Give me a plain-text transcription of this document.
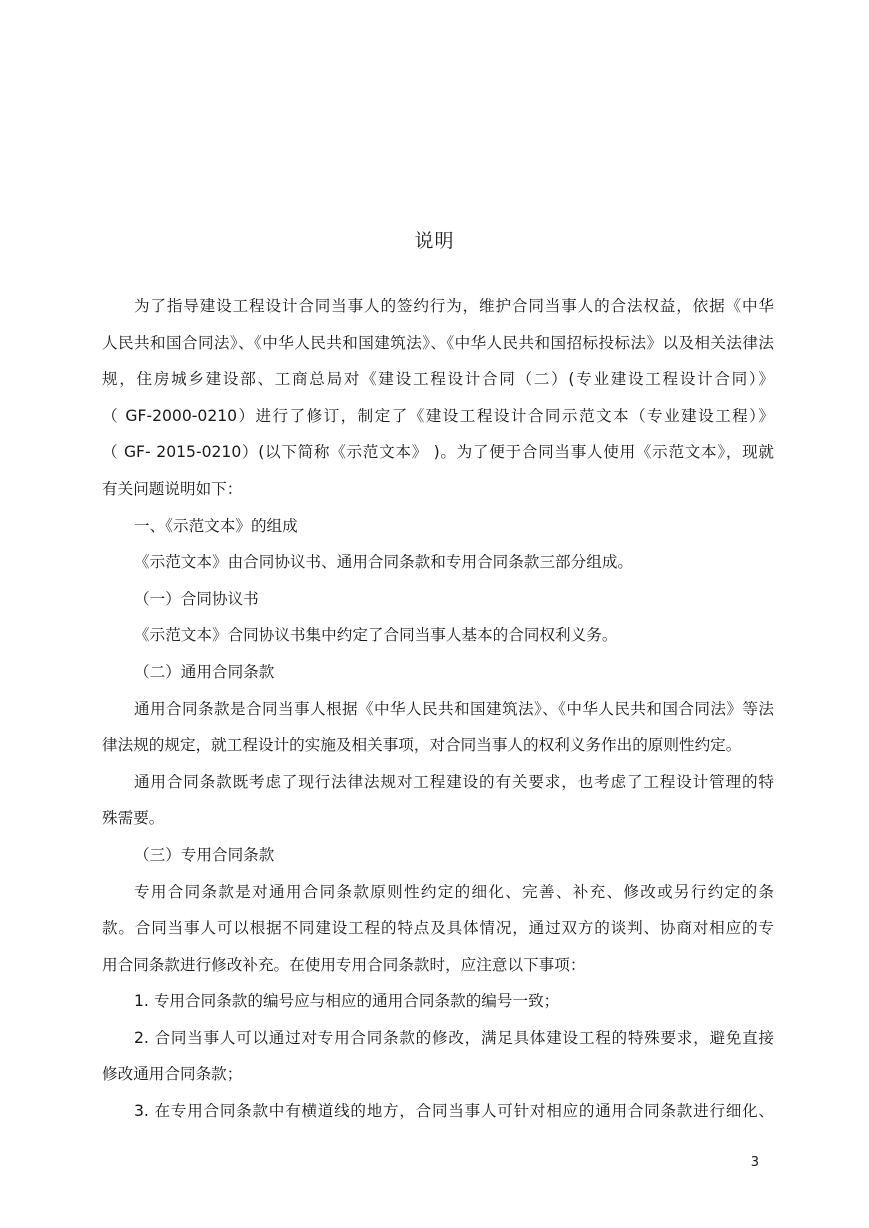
说明
为了指导建设工程设计合同当事人的签约行为，维护合同当事人的合法权益，依据《中华
人民共和国合同法》、《中华人民共和国建筑法》、《中华人民共和国招标投标法》以及相关法律法
规，住房城乡建设部、工商总局对《建设工程设计合同（二）(专业建设工程设计合同）》
（ GF-2000-0210）进行了修订，制定了《建设工程设计合同示范文本（专业建设工程）》
（ GF- 2015-0210）(以下简称《示范文本》 )。为了便于合同当事人使用《示范文本》，现就
有关问题说明如下：
一、《示范文本》的组成
《示范文本》由合同协议书、通用合同条款和专用合同条款三部分组成。
（一）合同协议书
《示范文本》合同协议书集中约定了合同当事人基本的合同权利义务。
（二）通用合同条款
通用合同条款是合同当事人根据《中华人民共和国建筑法》、《中华人民共和国合同法》等法
律法规的规定，就工程设计的实施及相关事项，对合同当事人的权利义务作出的原则性约定。
通用合同条款既考虑了现行法律法规对工程建设的有关要求，也考虑了工程设计管理的特
殊需要。
（三）专用合同条款
专用合同条款是对通用合同条款原则性约定的细化、完善、补充、修改或另行约定的条
款。合同当事人可以根据不同建设工程的特点及具体情况，通过双方的谈判、协商对相应的专
用合同条款进行修改补充。在使用专用合同条款时，应注意以下事项：
1. 专用合同条款的编号应与相应的通用合同条款的编号一致；
2. 合同当事人可以通过对专用合同条款的修改，满足具体建设工程的特殊要求，避免直接
修改通用合同条款；
3. 在专用合同条款中有横道线的地方，合同当事人可针对相应的通用合同条款进行细化、
3
